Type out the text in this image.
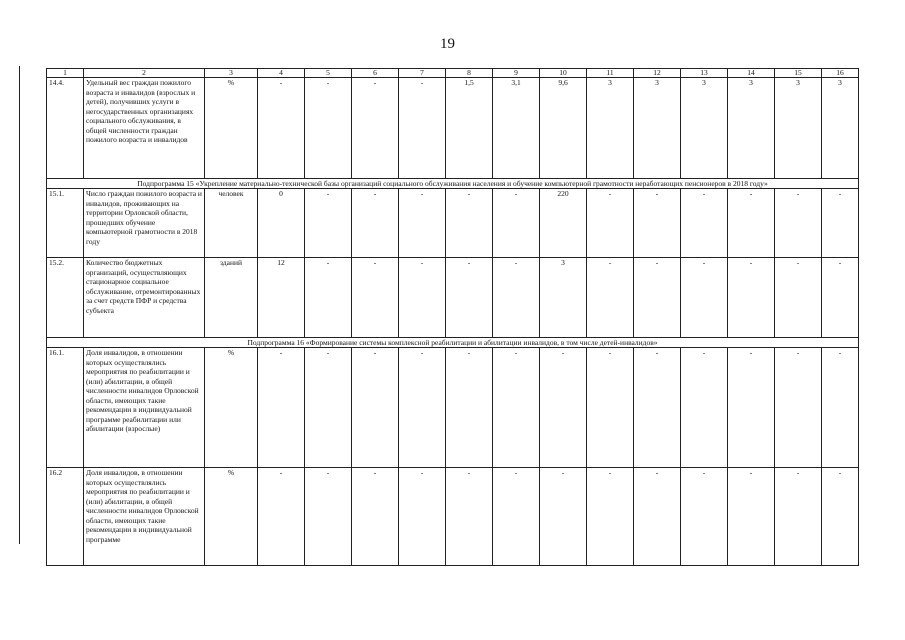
19
1	2	3	4	5	6	7	8	9	10	11	12	13	14	15	16
14.4.	Удельный вес граждан пожилого возраста и инвалидов (взрослых и детей), получивших услуги в негосударственных организациях социального обслуживания, в общей численности граждан пожилого возраста и инвалидов	%	-	-	-	-	1,5	3,1	9,6	3	3	3	3	3	3
Подпрограмма 15 «Укрепление материально-технической базы организаций социального обслуживания населения и обучение компьютерной грамотности неработающих пенсионеров в 2018 году»															
15.1.	Число граждан пожилого возраста и инвалидов, проживающих на территории Орловской области, прошедших обучение компьютерной грамотности в 2018 году	человек	0	-	-	-	-	-	220	-	-	-	-	-	-
15.2.	Количество бюджетных организаций, осуществляющих стационарное социальное обслуживание, отремонтированных за счет средств ПФР и средства субъекта	зданий	12	-	-	-	-	-	3	-	-	-	-	-	-
Подпрограмма 16 «Формирование системы комплексной реабилитации и абилитации инвалидов, в том числе детей-инвалидов»															
16.1.	Доля инвалидов, в отношении которых осуществлялись мероприятия по реабилитации и (или) абилитации, в общей численности инвалидов Орловской области, имеющих такие рекомендации в индивидуальной программе реабилитации или абилитации (взрослые)	%	-	-	-	-	-	-	-	-	-	-	-	-	-
16.2	Доля инвалидов, в отношении которых осуществлялись мероприятия по реабилитации и (или) абилитации, в общей численности инвалидов Орловской области, имеющих такие рекомендации в индивидуальной программе	%	-	-	-	-	-	-	-	-	-	-	-	-	-
